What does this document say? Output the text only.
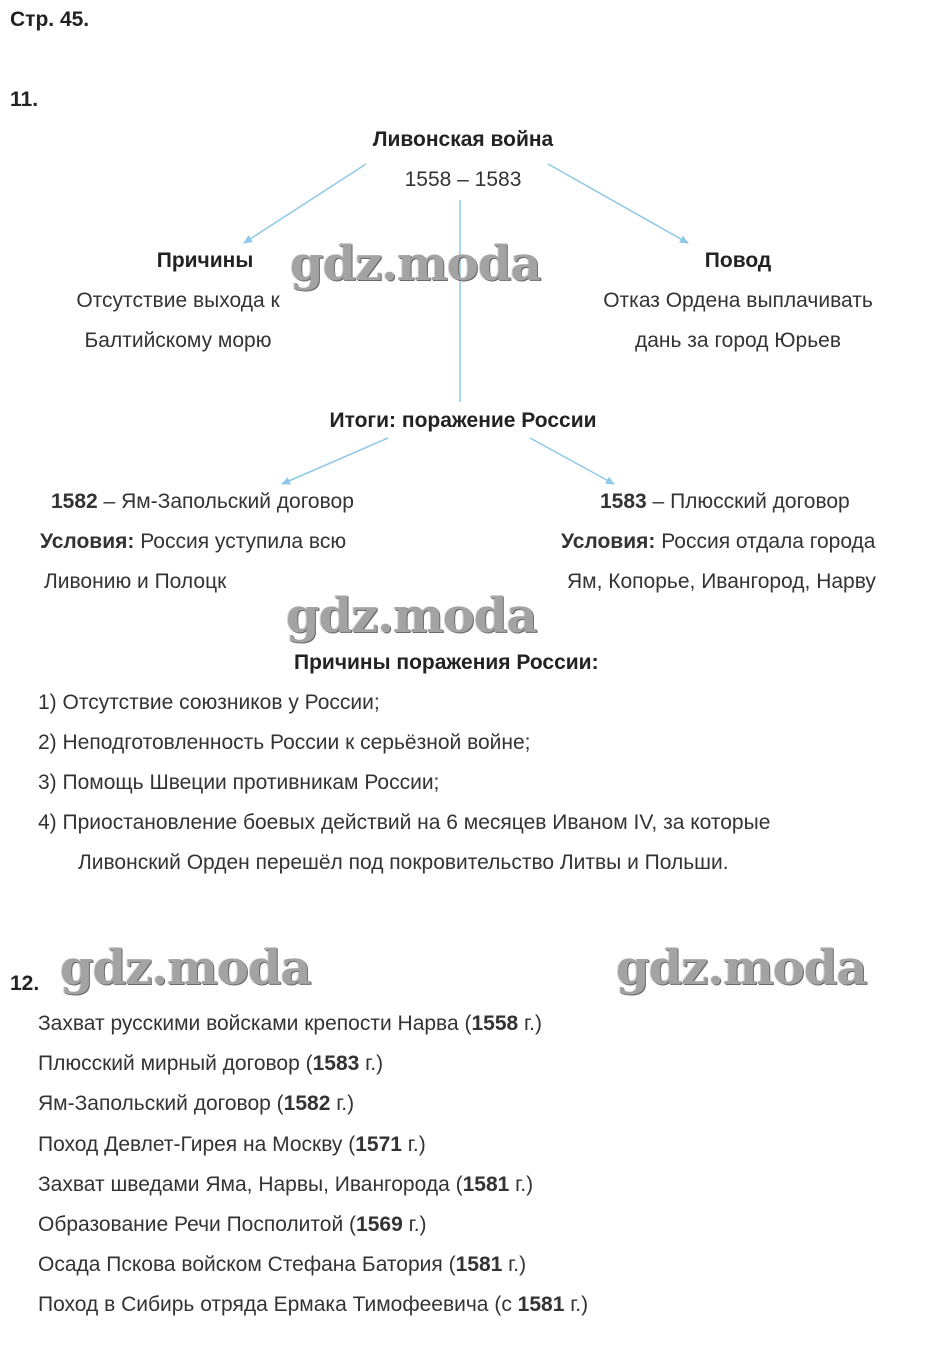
Стр. 45.
11.
Ливонская война
1558 – 1583
Причины
Отсутствие выхода к
Балтийскому морю
Повод
Отказ Ордена выплачивать
дань за город Юрьев
Итоги: поражение России
1582 – Ям-Запольский договор
Условия: Россия уступила всю
Ливонию и Полоцк
1583 – Плюсский договор
Условия: Россия отдала города
Ям, Копорье, Ивангород, Нарву
Причины поражения России:
1) Отсутствие союзников у России;
2) Неподготовленность России к серьёзной войне;
3) Помощь Швеции противникам России;
4) Приостановление боевых действий на 6 месяцев Иваном IV, за которые
Ливонский Орден перешёл под покровительство Литвы и Польши.
12.
Захват русскими войсками крепости Нарва (1558 г.)
Плюсский мирный договор (1583 г.)
Ям-Запольский договор (1582 г.)
Поход Девлет-Гирея на Москву (1571 г.)
Захват шведами Яма, Нарвы, Ивангорода (1581 г.)
Образование Речи Посполитой (1569 г.)
Осада Пскова войском Стефана Батория (1581 г.)
Поход в Сибирь отряда Ермака Тимофеевича (с 1581 г.)
gdz.moda
gdz.moda
gdz.moda	gdz.moda
